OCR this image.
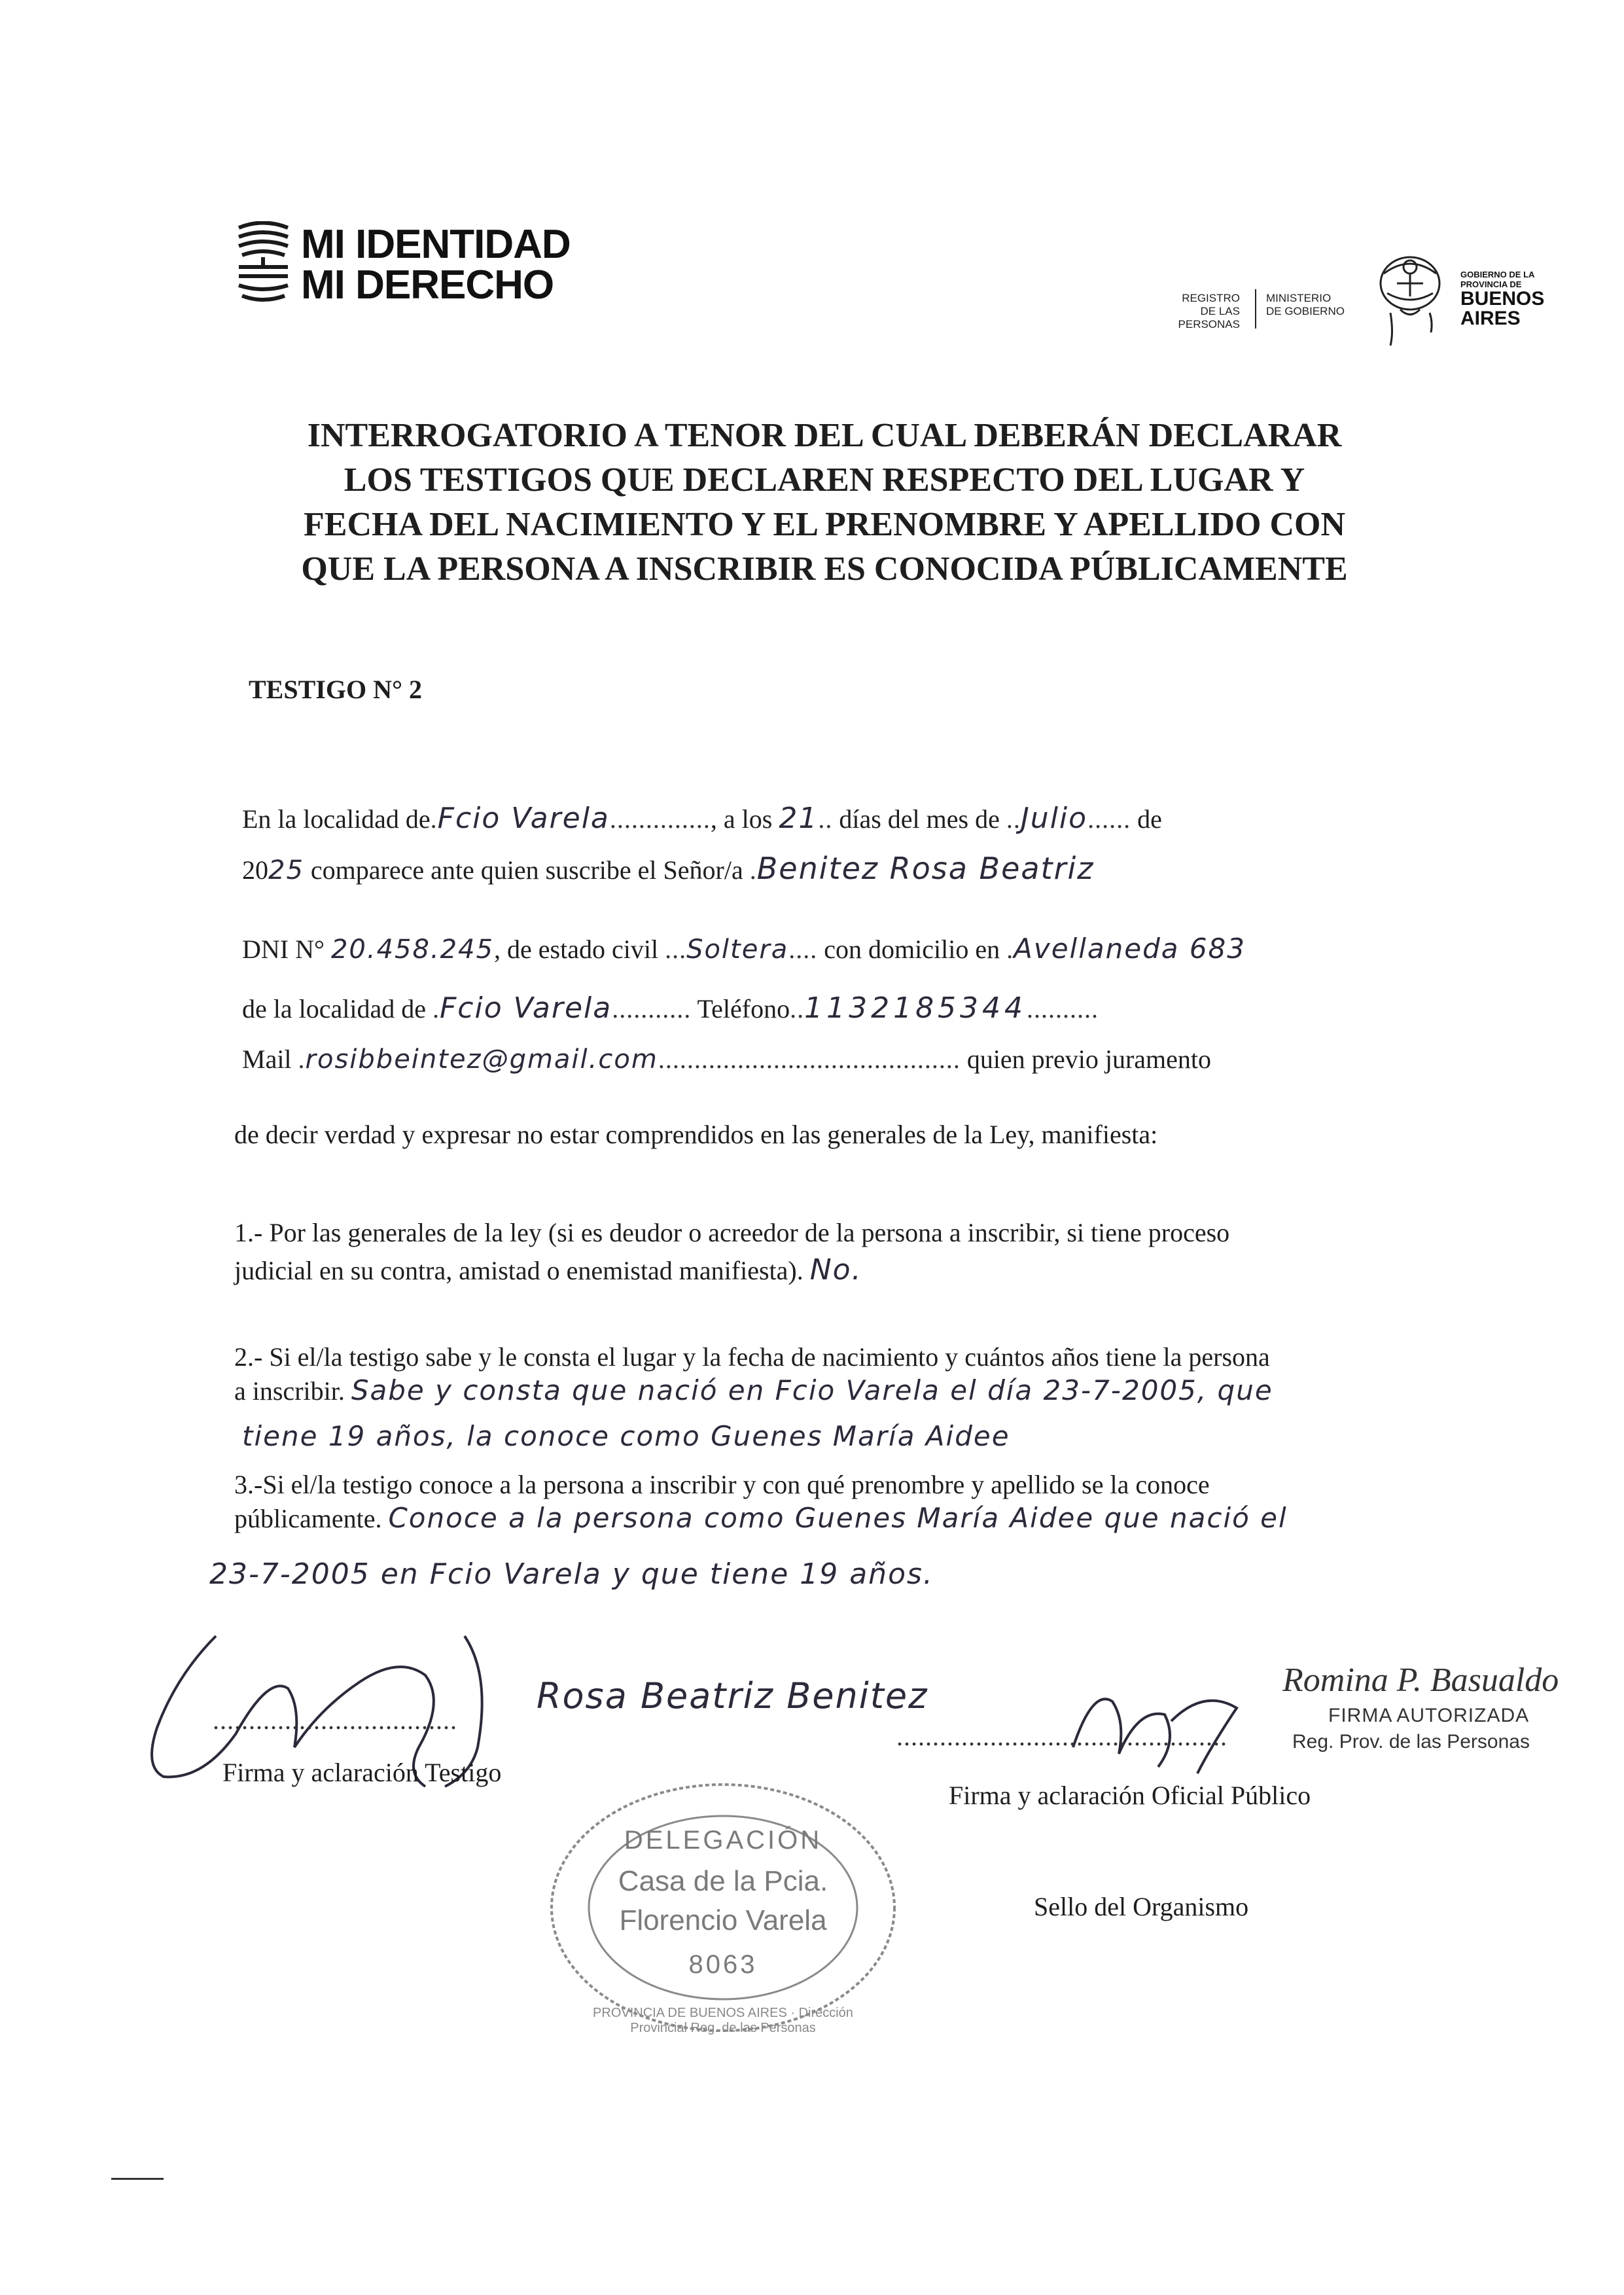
MI IDENTIDAD
MI DERECHO	REGISTRO
DE LAS PERSONAS
MINISTERIO
DE GOBIERNO
GOBIERNO DE LA
PROVINCIA DE
BUENOS
AIRES
INTERROGATORIO A TENOR DEL CUAL DEBERÁN DECLARAR
LOS TESTIGOS QUE DECLAREN RESPECTO DEL LUGAR Y
FECHA DEL NACIMIENTO Y EL PRENOMBRE Y APELLIDO CON
QUE LA PERSONA A INSCRIBIR ES CONOCIDA PÚBLICAMENTE
TESTIGO N° 2
En la localidad de.Fcio Varela.............., a los 21.. días del mes de ..Julio...... de
2025 comparece ante quien suscribe el Señor/a .Benitez Rosa Beatriz
DNI N° 20.458.245, de estado civil ...Soltera.... con domicilio en .Avellaneda 683
de la localidad de .Fcio Varela........... Teléfono..1132185344..........
Mail .rosibbeintez@gmail.com.......................................... quien previo juramento
de decir verdad y expresar no estar comprendidos en las generales de la Ley, manifiesta:
1.- Por las generales de la ley (si es deudor o acreedor de la persona a inscribir, si tiene proceso
judicial en su contra, amistad o enemistad manifiesta). No.
2.- Si el/la testigo sabe y le consta el lugar y la fecha de nacimiento y cuántos años tiene la persona
a inscribir. Sabe y consta que nació en Fcio Varela el día 23-7-2005, que
tiene 19 años, la conoce como Guenes María Aidee
3.-Si el/la testigo conoce a la persona a inscribir y con qué prenombre y apellido se la conoce
públicamente. Conoce a la persona como Guenes María Aidee que nació el
23-7-2005 en Fcio Varela y que tiene 19 años.
..................................
Rosa Beatriz Benitez
Firma y aclaración Testigo
..............................................
Romina P. Basualdo
FIRMA AUTORIZADA
Reg. Prov. de las Personas
Firma y aclaración Oficial Público
PROVINCIA DE BUENOS AIRES · Dirección Provincial Reg. de las Personas
DELEGACIÓN
Casa de la Pcia.
Florencio Varela
8063
Sello del Organismo
